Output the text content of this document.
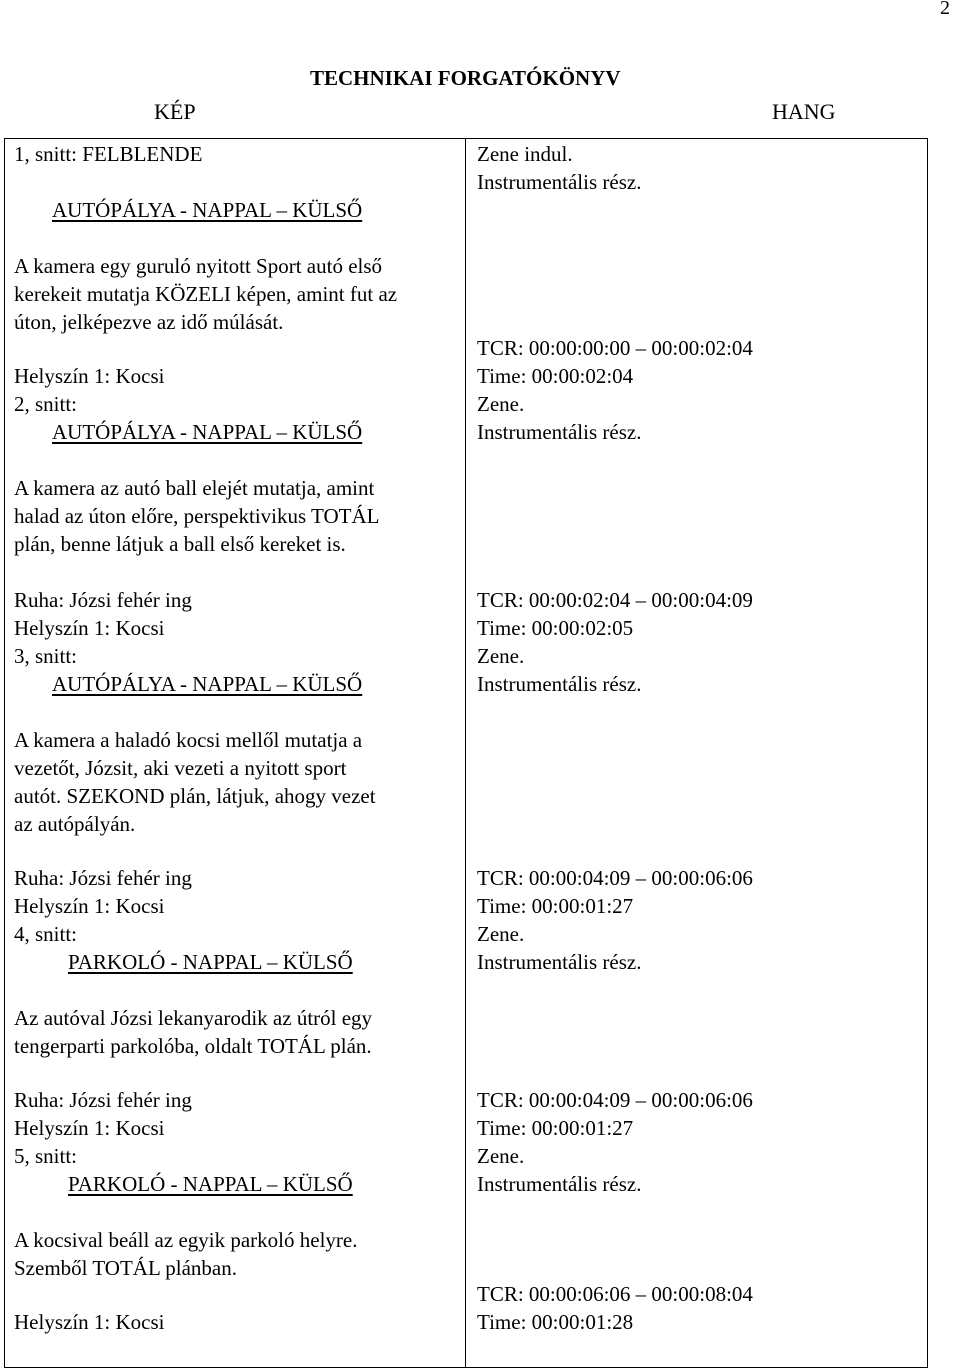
2
TECHNIKAI FORGATÓKÖNYV
KÉP	HANG
1, snitt: FELBLENDE
AUTÓPÁLYA - NAPPAL – KÜLSŐ
A kamera egy guruló nyitott Sport autó első
kerekeit mutatja KÖZELI képen, amint fut az
úton, jelképezve az idő múlását.
Helyszín 1: Kocsi
2, snitt:
AUTÓPÁLYA - NAPPAL – KÜLSŐ
A kamera az autó ball elejét mutatja, amint
halad az úton előre, perspektivikus TOTÁL
plán, benne látjuk a ball első kereket is.
Ruha: Józsi fehér ing
Helyszín 1: Kocsi
3, snitt:
AUTÓPÁLYA - NAPPAL – KÜLSŐ
A kamera a haladó kocsi mellől mutatja a
vezetőt, Józsit, aki vezeti a nyitott sport
autót. SZEKOND plán, látjuk, ahogy vezet
az autópályán.
Ruha: Józsi fehér ing
Helyszín 1: Kocsi
4, snitt:
PARKOLÓ - NAPPAL – KÜLSŐ
Az autóval Józsi lekanyarodik az útról egy
tengerparti parkolóba, oldalt TOTÁL plán.
Ruha: Józsi fehér ing
Helyszín 1: Kocsi
5, snitt:
PARKOLÓ - NAPPAL – KÜLSŐ
A kocsival beáll az egyik parkoló helyre.
Szemből TOTÁL plánban.
Helyszín 1: Kocsi
Zene indul.
Instrumentális rész.
TCR: 00:00:00:00 – 00:00:02:04
Time: 00:00:02:04
Zene.
Instrumentális rész.
TCR: 00:00:02:04 – 00:00:04:09
Time: 00:00:02:05
Zene.
Instrumentális rész.
TCR: 00:00:04:09 – 00:00:06:06
Time: 00:00:01:27
Zene.
Instrumentális rész.
TCR: 00:00:04:09 – 00:00:06:06
Time: 00:00:01:27
Zene.
Instrumentális rész.
TCR: 00:00:06:06 – 00:00:08:04
Time: 00:00:01:28
